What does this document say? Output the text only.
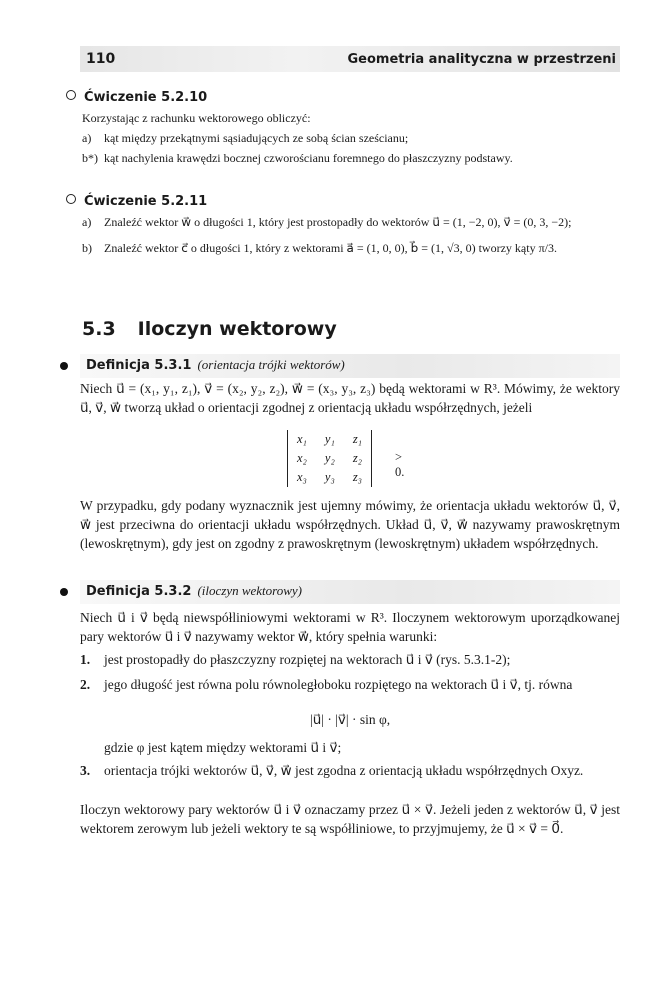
110	Geometria analityczna w przestrzeni
Ćwiczenie 5.2.10

Korzystając z rachunku wektorowego obliczyć:

a)	kąt między przekątnymi sąsiadujących ze sobą ścian sześcianu;
b*) kąt nachylenia krawędzi bocznej czworościanu foremnego do płaszczyzny podstawy.
Ćwiczenie 5.2.11
a)	Znaleźć wektor w⃗ o długości 1, który jest prostopadły do wektorów u⃗ = (1, −2, 0), v⃗ = (0, 3, −2);
b)	Znaleźć wektor c⃗ o długości 1, który z wektorami a⃗ = (1, 0, 0), b⃗ = (1, √3, 0) tworzy kąty π/3.
5.3 Iloczyn wektorowy
Definicja 5.3.1 (orientacja trójki wektorów)

Niech u⃗ = (x₁, y₁, z₁), v⃗ = (x₂, y₂, z₂), w⃗ = (x₃, y₃, z₃) będą wektorami w R³. Mówimy, że wektory u⃗, v⃗, w⃗ tworzą układ o orientacji zgodnej z orientacją układu współrzędnych, jeżeli

x₁	y₁	z₁
x₂	y₂	z₂
x₃	y₃	z₃
> 0.

W przypadku, gdy podany wyznacznik jest ujemny mówimy, że orientacja układu wektorów u⃗, v⃗, w⃗ jest przeciwna do orientacji układu współrzędnych. Układ u⃗, v⃗, w⃗ nazywamy prawoskrętnym (lewoskrętnym), gdy jest on zgodny z prawoskrętnym (lewoskrętnym) układem współrzędnych.

Definicja 5.3.2 (iloczyn wektorowy)

Niech u⃗ i v⃗ będą niewspółliniowymi wektorami w R³. Iloczynem wektorowym uporządkowanej pary wektorów u⃗ i v⃗ nazywamy wektor w⃗, który spełnia warunki:

1.	jest prostopadły do płaszczyzny rozpiętej na wektorach u⃗ i v⃗ (rys. 5.3.1-2);
2.	jego długość jest równa polu równoległoboku rozpiętego na wektorach u⃗ i v⃗, tj. równa
|u⃗| · |v⃗| · sin φ,
gdzie φ jest kątem między wektorami u⃗ i v⃗;
3.	orientacja trójki wektorów u⃗, v⃗, w⃗ jest zgodna z orientacją układu współrzędnych Oxyz.

Iloczyn wektorowy pary wektorów u⃗ i v⃗ oznaczamy przez u⃗ × v⃗. Jeżeli jeden z wektorów u⃗, v⃗ jest wektorem zerowym lub jeżeli wektory te są współliniowe, to przyjmujemy, że u⃗ × v⃗ = 0⃗.
